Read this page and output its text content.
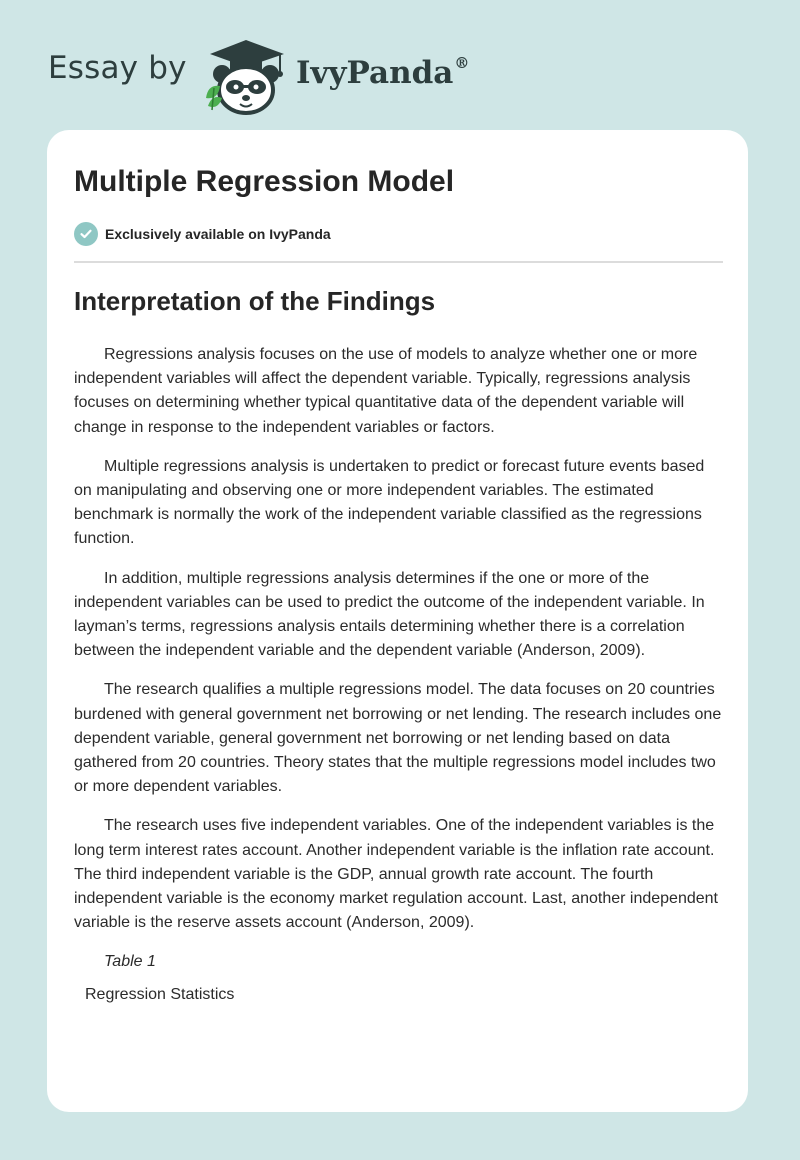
Essay by	IvyPanda®
Multiple Regression Model
Exclusively available on IvyPanda
Interpretation of the Findings

Regressions analysis focuses on the use of models to analyze whether one or more independent variables will affect the dependent variable. Typically, regressions analysis focuses on determining whether typical quantitative data of the dependent variable will change in response to the independent variables or factors.

Multiple regressions analysis is undertaken to predict or forecast future events based on manipulating and observing one or more independent variables. The estimated benchmark is normally the work of the independent variable classified as the regressions function.

In addition, multiple regressions analysis determines if the one or more of the independent variables can be used to predict the outcome of the independent variable. In layman’s terms, regressions analysis entails determining whether there is a correlation between the independent variable and the dependent variable (Anderson, 2009).

The research qualifies a multiple regressions model. The data focuses on 20 countries burdened with general government net borrowing or net lending. The research includes one dependent variable, general government net borrowing or net lending based on data gathered from 20 countries. Theory states that the multiple regressions model includes two or more dependent variables.

The research uses five independent variables. One of the independent variables is the long term interest rates account. Another independent variable is the inflation rate account. The third independent variable is the GDP, annual growth rate account. The fourth independent variable is the economy market regulation account. Last, another independent variable is the reserve assets account (Anderson, 2009).

Table 1

Regression Statistics
